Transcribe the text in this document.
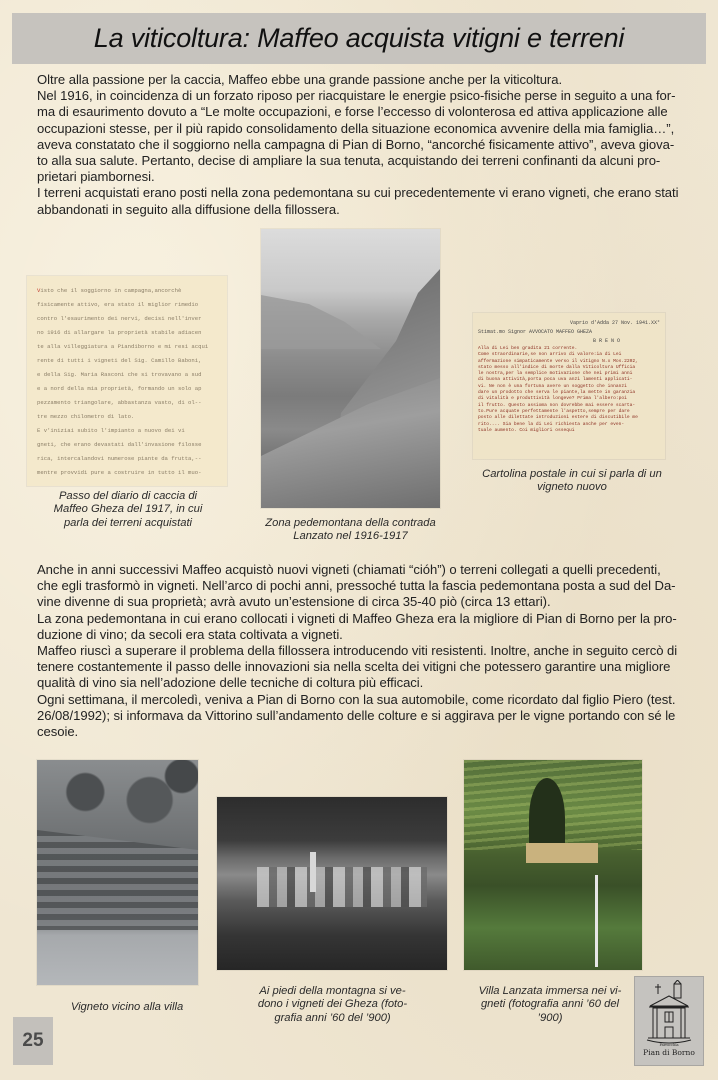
La viticoltura: Maffeo acquista vitigni e terreni

Oltre alla passione per la caccia, Maffeo ebbe una grande passione anche per la viticoltura.

Nel 1916, in coincidenza di un forzato riposo per riacquistare le energie psico-fisiche perse in seguito a una for-

ma di esaurimento dovuto a “Le molte occupazioni, e forse l’eccesso di volonterosa ed attiva applicazione alle

occupazioni stesse, per il più rapido consolidamento della situazione economica avvenire della mia famiglia…”,

aveva constatato che il soggiorno nella campagna di Pian di Borno, “ancorché fisicamente attivo”, aveva giova-

to alla sua salute. Pertanto, decise di ampliare la sua tenuta, acquistando dei terreni confinanti da alcuni pro-

prietari piambornesi.

I terreni acquistati erano posti nella zona pedemontana su cui precedentemente vi erano vigneti, che erano stati

abbandonati in seguito alla diffusione della fillossera.

Visto che il soggiorno in campagna,ancorchè
fisicamente attivo, era stato il miglior rimedio
contro l'esaurimento dei nervi, decisi nell'inver
no 1916 di allargare la proprietà stabile adiacen
te alla villeggiatura a Piandiborno e mi resi acqui
rente di tutti i vigneti del Sig. Camillo Baboni,
e della Sig. Maria Rasconi che si trovavano a sud
e a nord della mia proprietà, formando un solo ap
pezzamento triangolare, abbastanza vasto, di ol--
tre mezzo chilometro di lato.
E v'iniziai subito l'impianto a nuovo dei vi
gneti, che erano devastati dall'invasione filosse
rica, intercalandovi numerose piante da frutta,--
mentre provvidi pure a costruire in tutto il muo-
Passo del diario di caccia di Maffeo Gheza del 1917, in cui parla dei terreni acquistati	Zona pedemontana della contrada Lanzato nel 1916-1917
Vaprio d'Adda 27 Nov. 1941.XX°
Stimat.mo Signor AVVOCATO MAFFEO GHEZA
B R E N O
Alla di Lei ben gradita 21 corrente.
Come straordinarie,se non arrivo di valore:ia di Lei
affermazione simpaticamente verso il vitigno N.x Mos.2202,
stato messo all'indice di morte dalla Viticoltura Ufficia
le nostra,per la semplice motivazione che nei primi anni
di buona attività,porta poca uva anzi lamenti applicati-
vi. Ne non è una fortuna avere un soggetto che innanzi
dare un prodotto che serva le piante,la mette in garanzia
di vitalità e produttività longeve? Prima l'albero:poi
il frutto. Questo assioma non dovrebbe mai essere scarta-
to.Pure acquate perfettamente l'aspetto,sempre per dare
posto alle dilettate introduzioni estere di discutibile me
rito.... Sia bene la di Lei richiesta anche per even-
tuale aumento. Coi migliori ossequi
Cartolina postale in cui si parla di un vigneto nuovo

Anche in anni successivi Maffeo acquistò nuovi vigneti (chiamati “cióh”) o terreni collegati a quelli precedenti,

che egli trasformò in vigneti. Nell’arco di pochi anni, pressoché tutta la fascia pedemontana posta a sud del Da-

vine divenne di sua proprietà; avrà avuto un’estensione di circa 35-40 piò (circa 13 ettari).

La zona pedemontana in cui erano collocati i vigneti di Maffeo Gheza era la migliore di Pian di Borno per la pro-

duzione di vino; da secoli era stata coltivata a vigneti.

Maffeo riuscì a superare il problema della fillossera introducendo viti resistenti. Inoltre, anche in seguito cercò di

tenere costantemente il passo delle innovazioni sia nella scelta dei vitigni che potessero garantire una migliore

qualità di vino sia nell’adozione delle tecniche di coltura più efficaci.

Ogni settimana, il mercoledì, veniva a Pian di Borno con la sua automobile, come ricordato dal figlio Piero (test.

26/08/1992); si informava da Vittorino sull’andamento delle colture e si aggirava per le vigne portando con sé le

cesoie.

Vigneto vicino alla villa
Ai piedi della montagna si ve-
dono i vigneti dei Gheza (foto-
grafia anni ’60 del ’900)
Villa Lanzata immersa nei vi-
gneti (fotografia anni ’60 del
’900)
25	Parrocchia
Pian di Borno
